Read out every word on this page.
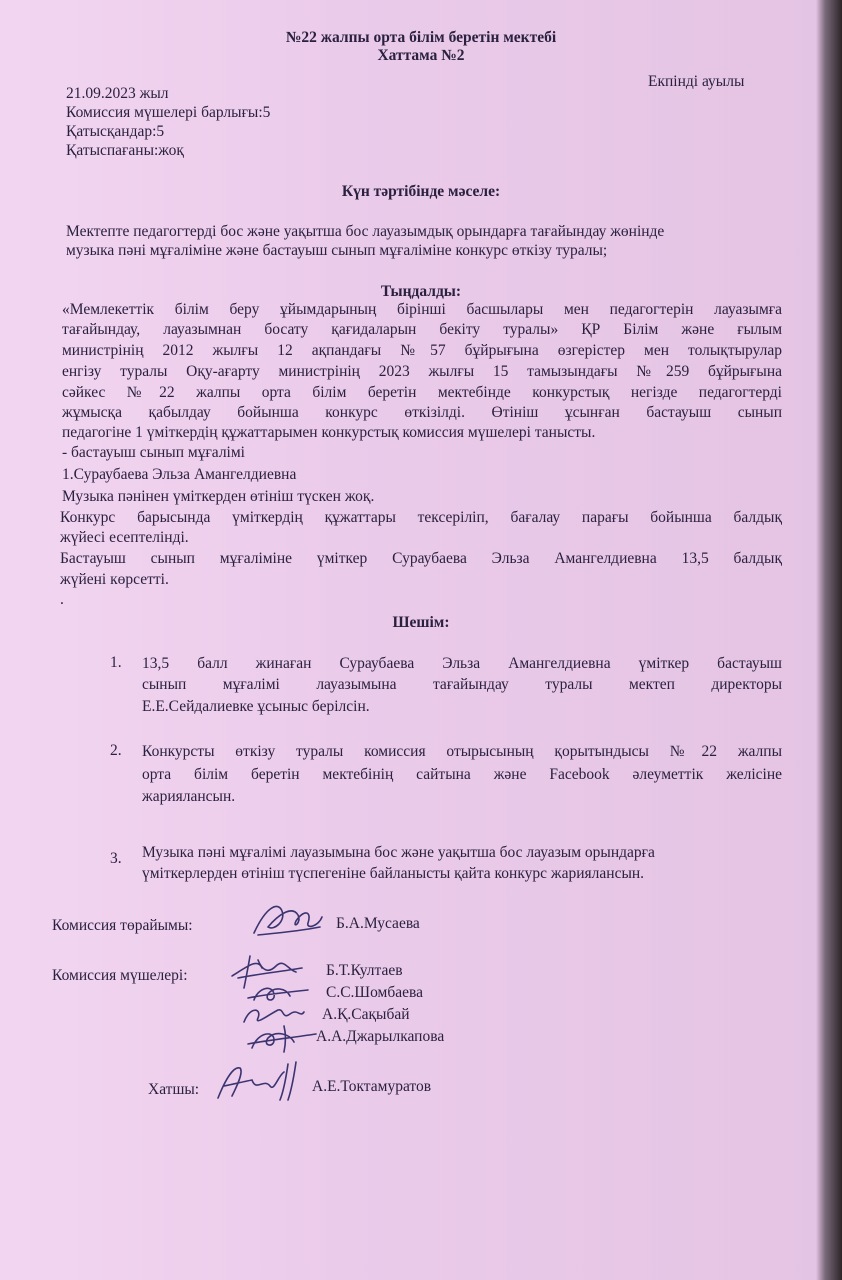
№22 жалпы орта білім беретін мектебі
Хаттама №2
Екпінді ауылы
21.09.2023 жыл
Комиссия мүшелері барлығы:5
Қатысқандар:5
Қатыспағаны:жоқ
Күн тәртібінде мәселе:
Мектепте педагогтерді бос және уақытша бос лауазымдық орындарға тағайындау жөнінде
музыка пәні мұғаліміне және бастауыш сынып мұғаліміне конкурс өткізу туралы;
Тыңдалды:
«Мемлекеттік білім беру ұйымдарының бірінші басшылары мен педагогтерін лауазымға
тағайындау, лауазымнан босату қағидаларын бекіту туралы» ҚР Білім және ғылым
министрінің 2012 жылғы 12 ақпандағы №57 бұйрығына өзгерістер мен толықтырулар
енгізу туралы Оқу-ағарту министрінің 2023 жылғы 15 тамызындағы №259 бұйрығына
сәйкес №22 жалпы орта білім беретін мектебінде конкурстық негізде педагогтерді
жұмысқа қабылдау бойынша конкурс өткізілді. Өтініш ұсынған бастауыш сынып
педагогіне 1 үміткердің құжаттарымен конкурстық комиссия мүшелері танысты.
- бастауыш сынып мұғалімі
1.Сураубаева Эльза Амангелдиевна
Музыка пәнінен үміткерден өтініш түскен жоқ.
Конкурс барысында үміткердің құжаттары тексеріліп, бағалау парағы бойынша балдық
жүйесі есептелінді.
Бастауыш сынып мұғаліміне үміткер Сураубаева Эльза Амангелдиевна 13,5 балдық
жүйені көрсетті.
.
Шешім:
1. 13,5 балл жинаған Сураубаева Эльза Амангелдиевна үміткер бастауыш
сынып мұғалімі лауазымына тағайындау туралы мектеп директоры
Е.Е.Сейдалиевке ұсыныс берілсін.
2. Конкурсты өткізу туралы комиссия отырысының қорытындысы №22 жалпы
орта білім беретін мектебінің сайтына және Facebook әлеуметтік желісіне
жариялансын.
3. Музыка пәні мұғалімі лауазымына бос және уақытша бос лауазым орындарға
үміткерлерден өтініш түспегеніне байланысты қайта конкурс жариялансын.
Комиссия төрайымы:	Б.А.Мусаева
Комиссия мүшелері:	Б.Т.Култаев
С.С.Шомбаева
А.Қ.Сақыбай
А.А.Джарылкапова
Хатшы:	А.Е.Токтамуратов
